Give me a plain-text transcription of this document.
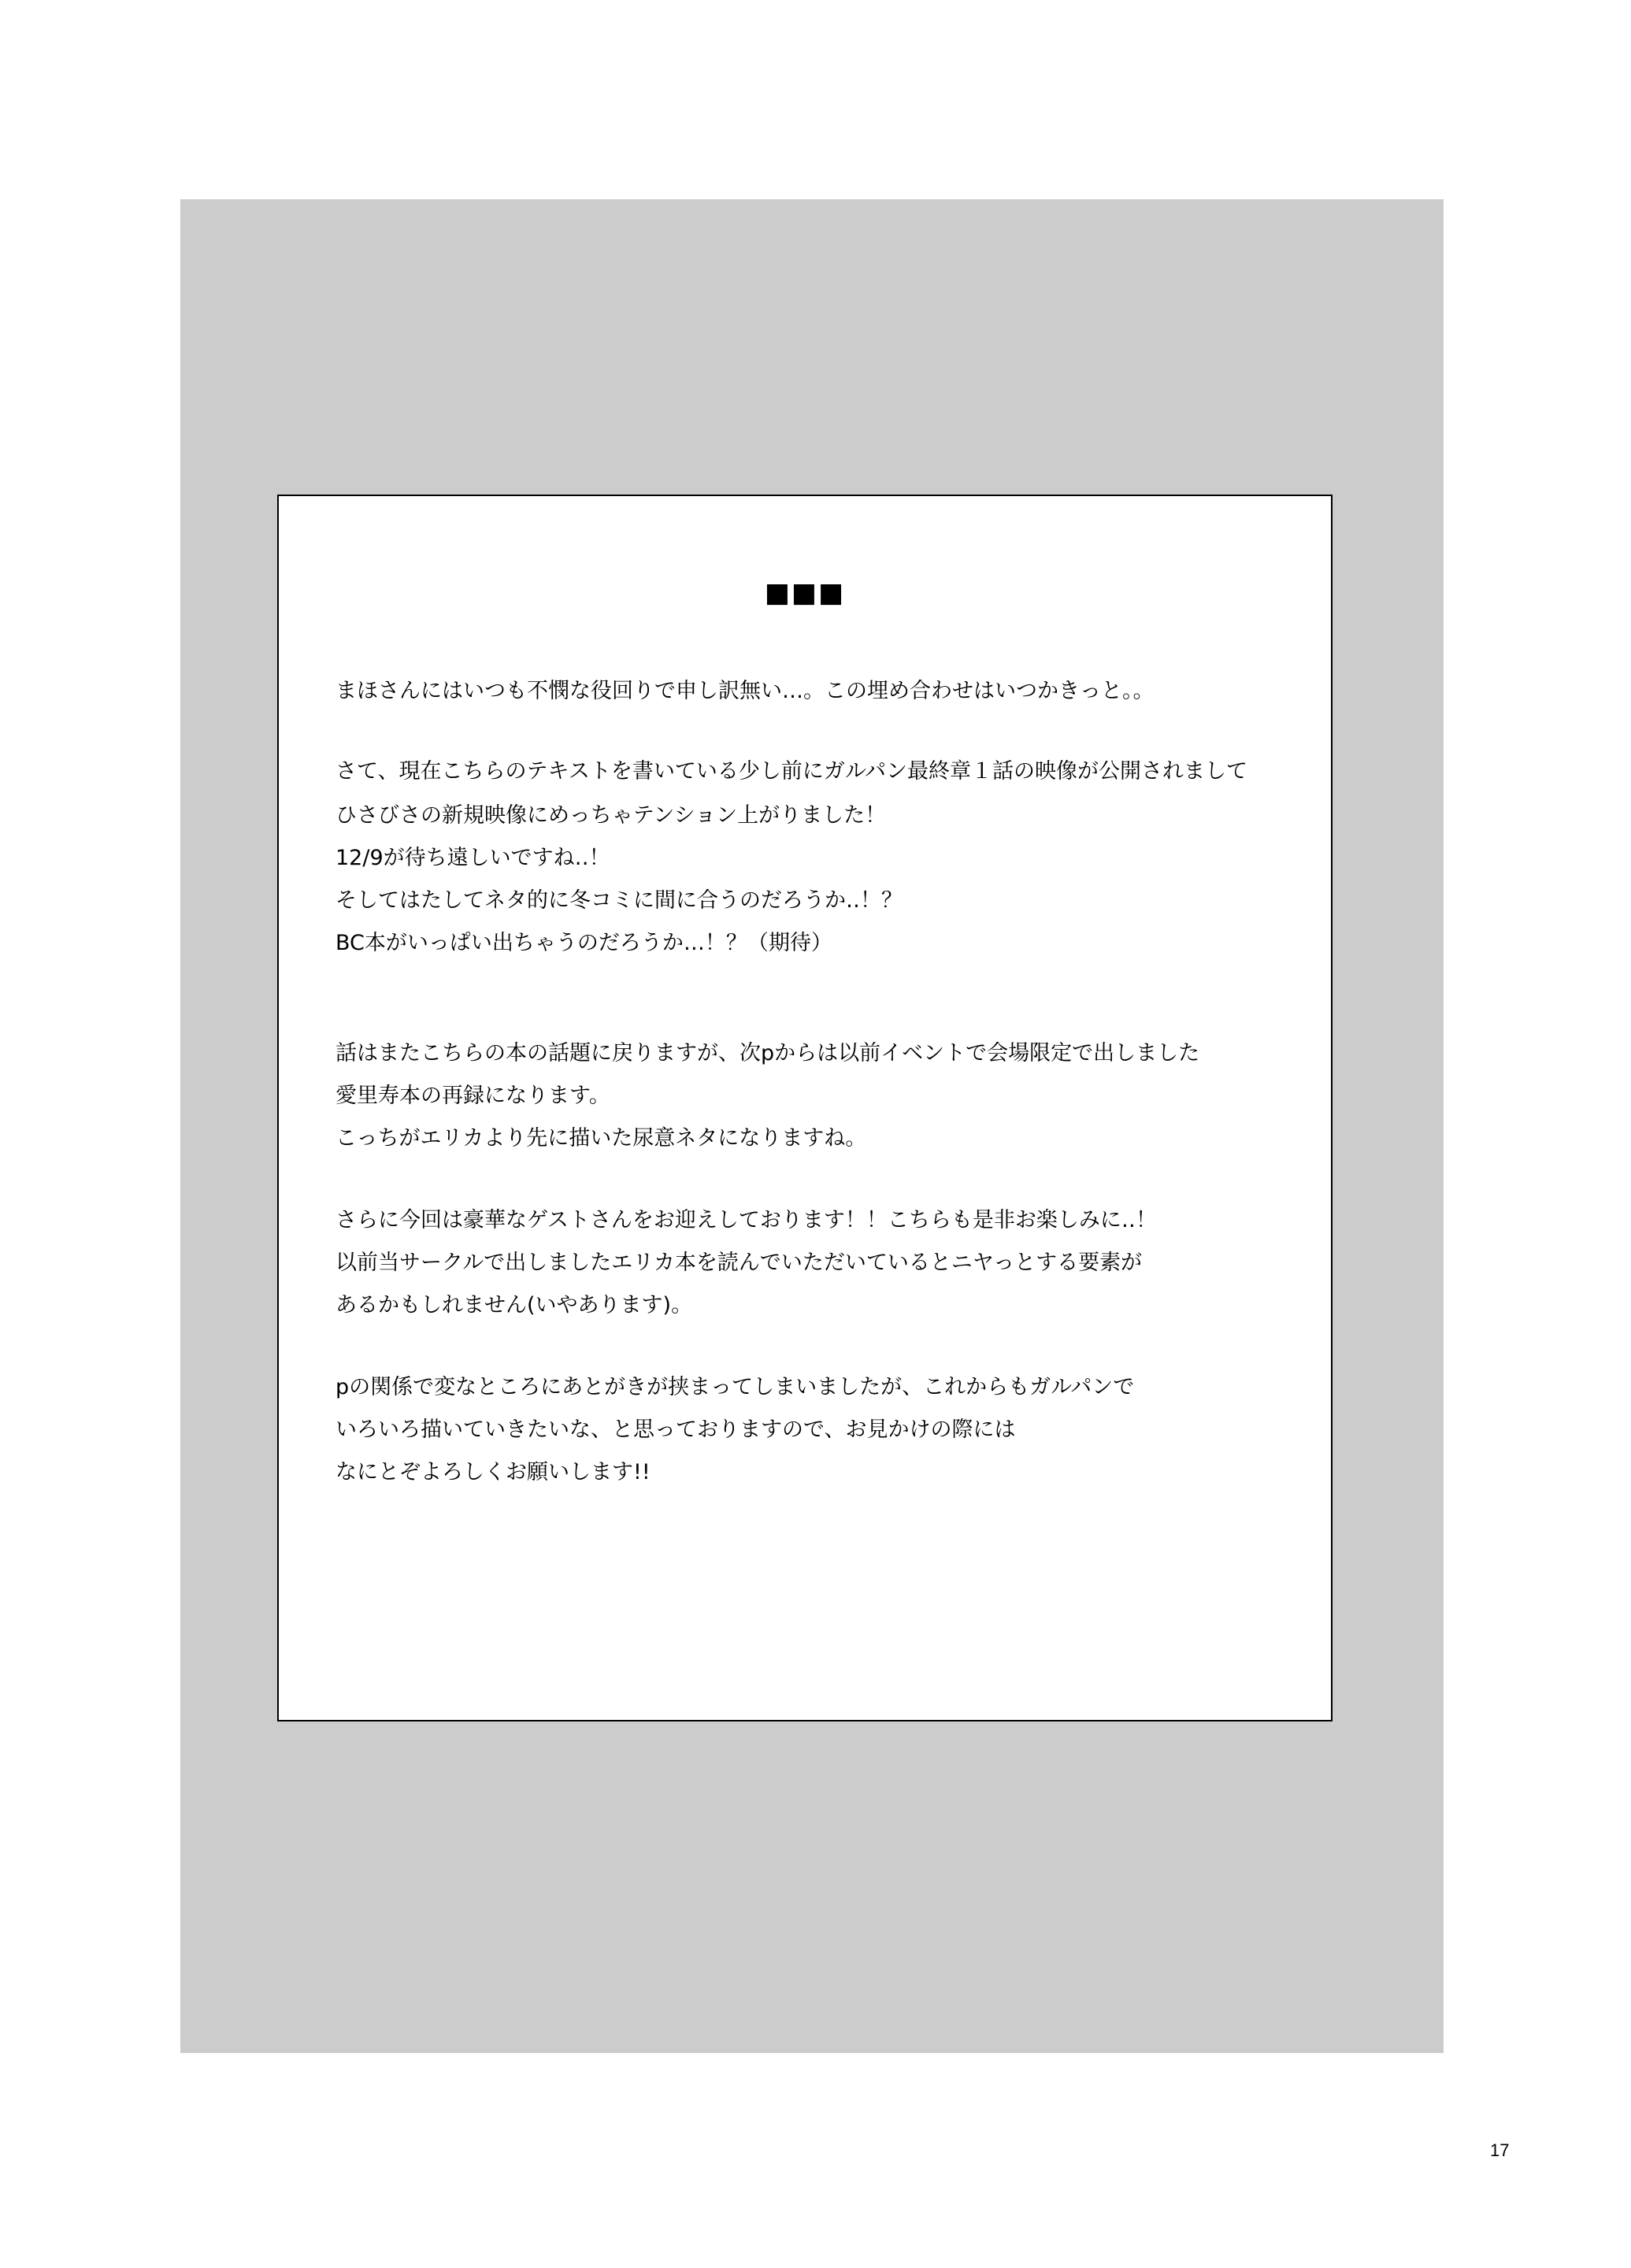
■■■
まほさんにはいつも不憫な役回りで申し訳無い…。この埋め合わせはいつかきっと。。
さて、現在こちらのテキストを書いている少し前にガルパン最終章１話の映像が公開されまして
ひさびさの新規映像にめっちゃテンション上がりました！
12/9が待ち遠しいですね‥！
そしてはたしてネタ的に冬コミに間に合うのだろうか‥！？
BC本がいっぱい出ちゃうのだろうか…！？（期待）
話はまたこちらの本の話題に戻りますが、次pからは以前イベントで会場限定で出しました
愛里寿本の再録になります。
こっちがエリカより先に描いた尿意ネタになりますね。
さらに今回は豪華なゲストさんをお迎えしております！！こちらも是非お楽しみに‥！
以前当サークルで出しましたエリカ本を読んでいただいているとニヤっとする要素が
あるかもしれません(いやあります)。
pの関係で変なところにあとがきが挟まってしまいましたが、これからもガルパンで
いろいろ描いていきたいな、と思っておりますので、お見かけの際には
なにとぞよろしくお願いします!!
17
